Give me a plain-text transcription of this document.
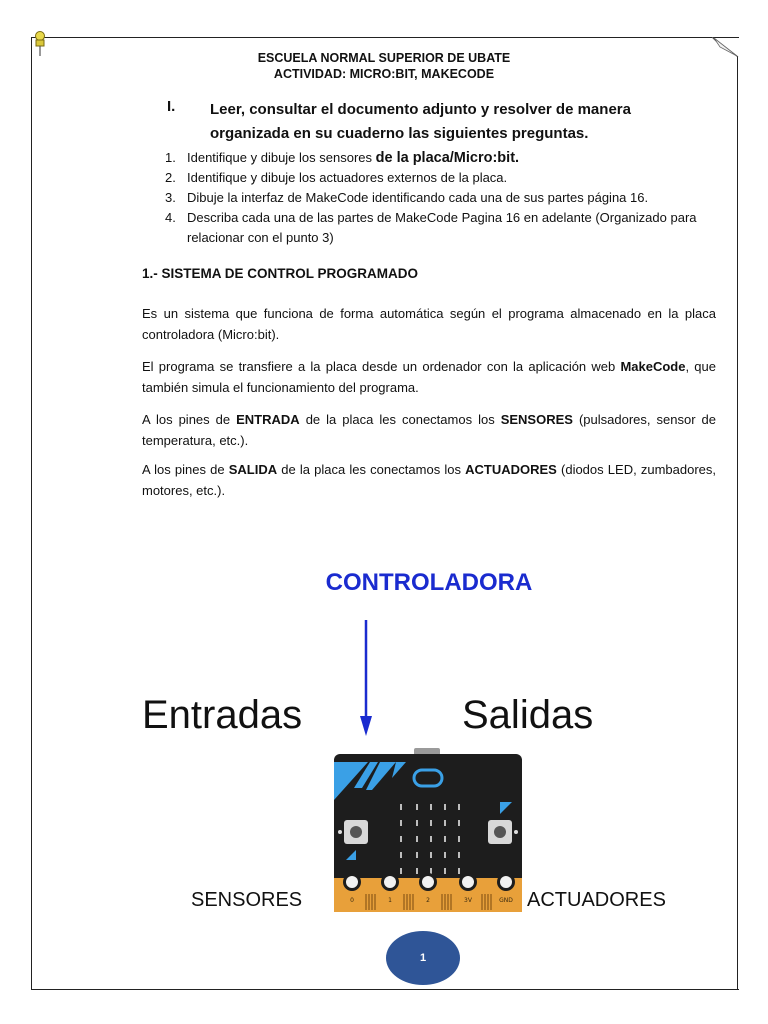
ESCUELA NORMAL SUPERIOR DE UBATE
ACTIVIDAD: MICRO:BIT, MAKECODE
I. Leer, consultar el documento adjunto y resolver de manera organizada en su cuaderno las siguientes preguntas.
1. Identifique y dibuje los sensores de la placa/Micro:bit.
2. Identifique y dibuje los actuadores externos de la placa.
3. Dibuje la interfaz de MakeCode identificando cada una de sus partes página 16.
4. Describa cada una de las partes de MakeCode Pagina 16 en adelante (Organizado para relacionar con el punto 3)
1.- SISTEMA DE CONTROL PROGRAMADO
Es un sistema que funciona de forma automática según el programa almacenado en la placa controladora (Micro:bit).
El programa se transfiere a la placa desde un ordenador con la aplicación web MakeCode, que también simula el funcionamiento del programa.
A los pines de ENTRADA de la placa les conectamos los SENSORES (pulsadores, sensor de temperatura, etc.).
A los pines de SALIDA de la placa les conectamos los ACTUADORES (diodos LED, zumbadores, motores, etc.).
CONTROLADORA
Entradas	Salidas
0	1	2	3V	GND
SENSORES	ACTUADORES
1
